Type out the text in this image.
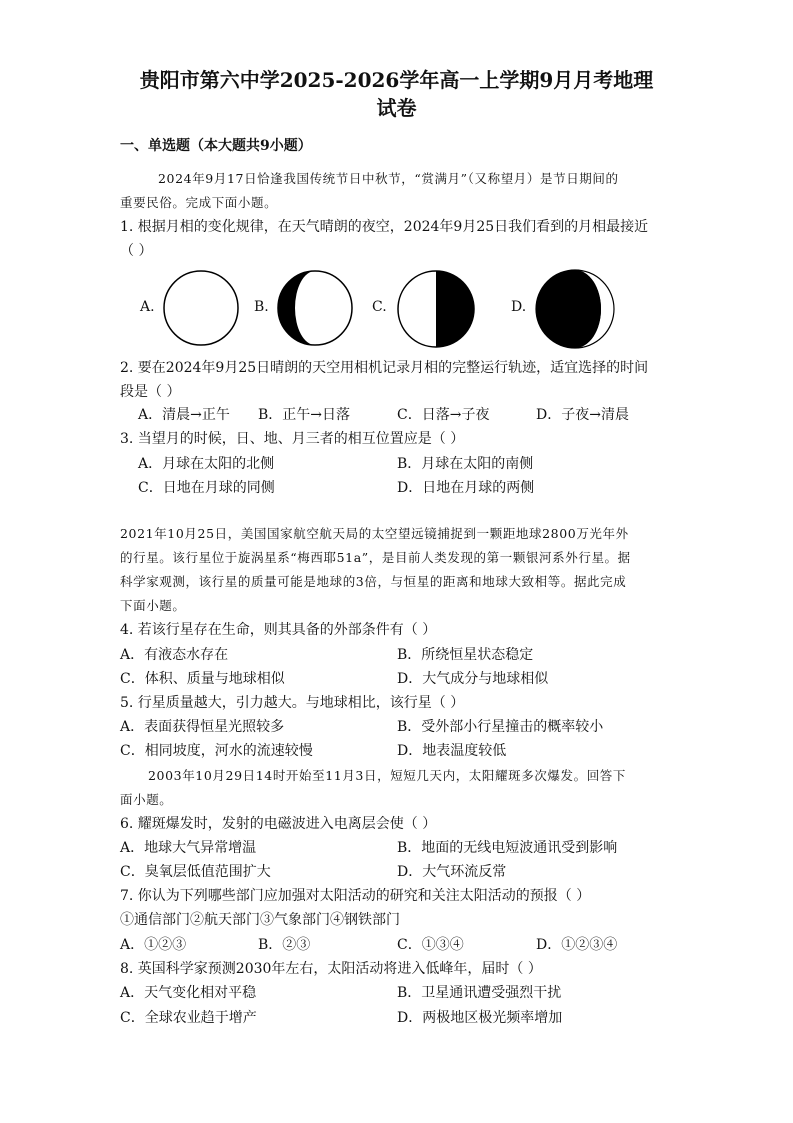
贵阳市第六中学2025-2026学年高一上学期9月月考地理
试卷
一、单选题（本大题共9小题）
2024年9月17日恰逢我国传统节日中秋节，“赏满月”（又称望月）是节日期间的
重要民俗。完成下面小题。
1. 根据月相的变化规律，在天气晴朗的夜空，2024年9月25日我们看到的月相最接近
（ ）
A.	B.	C.	D.
2. 要在2024年9月25日晴朗的天空用相机记录月相的完整运行轨迹，适宜选择的时间
段是（ ）
A．清晨→正午 B．正午→日落	C．日落→子夜	D．子夜→清晨
3. 当望月的时候，日、地、月三者的相互位置应是（ ）
A．月球在太阳的北侧	B．月球在太阳的南侧
C．日地在月球的同侧	D．日地在月球的两侧
2021年10月25日，美国国家航空航天局的太空望远镜捕捉到一颗距地球2800万光年外
的行星。该行星位于旋涡星系“梅西耶51a”，是目前人类发现的第一颗银河系外行星。据
科学家观测，该行星的质量可能是地球的3倍，与恒星的距离和地球大致相等。据此完成
下面小题。
4. 若该行星存在生命，则其具备的外部条件有（ ）
A．有液态水存在	B．所绕恒星状态稳定
C．体积、质量与地球相似	D．大气成分与地球相似
5. 行星质量越大，引力越大。与地球相比，该行星（ ）
A．表面获得恒星光照较多	B．受外部小行星撞击的概率较小
C．相同坡度，河水的流速较慢	D．地表温度较低
2003年10月29日14时开始至11月3日，短短几天内，太阳耀斑多次爆发。回答下
面小题。
6. 耀斑爆发时，发射的电磁波进入电离层会使（ ）
A．地球大气异常增温	B．地面的无线电短波通讯受到影响
C．臭氧层低值范围扩大	D．大气环流反常
7. 你认为下列哪些部门应加强对太阳活动的研究和关注太阳活动的预报（ ）
①通信部门②航天部门③气象部门④钢铁部门
A．①②③	B．②③	C．①③④	D．①②③④
8. 英国科学家预测2030年左右，太阳活动将进入低峰年，届时（ ）
A．天气变化相对平稳	B．卫星通讯遭受强烈干扰
C．全球农业趋于增产	D．两极地区极光频率增加
